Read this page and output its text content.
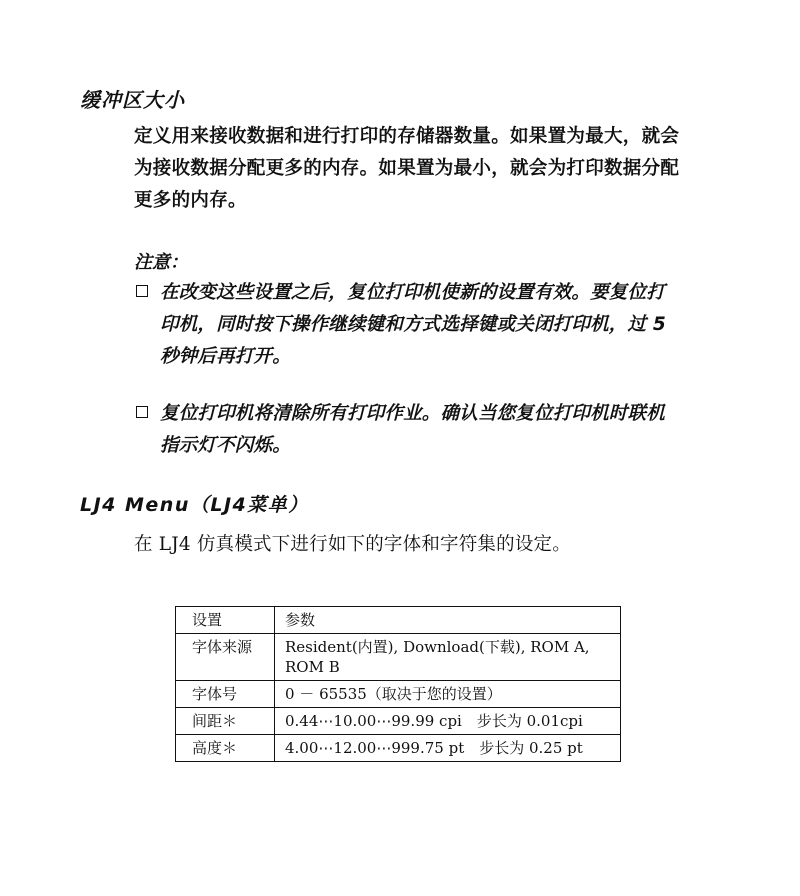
缓冲区大小
定义用来接收数据和进行打印的存储器数量。如果置为最大，就会
为接收数据分配更多的内存。如果置为最小，就会为打印数据分配
更多的内存。
注意：
在改变这些设置之后，复位打印机使新的设置有效。要复位打
印机，同时按下操作继续键和方式选择键或关闭打印机，过 5
秒钟后再打开。
复位打印机将清除所有打印作业。确认当您复位打印机时联机
指示灯不闪烁。
LJ4 Menu（LJ4菜单）
在 LJ4 仿真模式下进行如下的字体和字符集的设定。
设置	参数
字体来源	Resident(内置), Download(下载), ROM A,
ROM B

字体号	0 － 65535（取决于您的设置）
间距＊	0.44⋯10.00⋯99.99 cpi　步长为 0.01cpi
高度＊	4.00⋯12.00⋯999.75 pt　步长为 0.25 pt
